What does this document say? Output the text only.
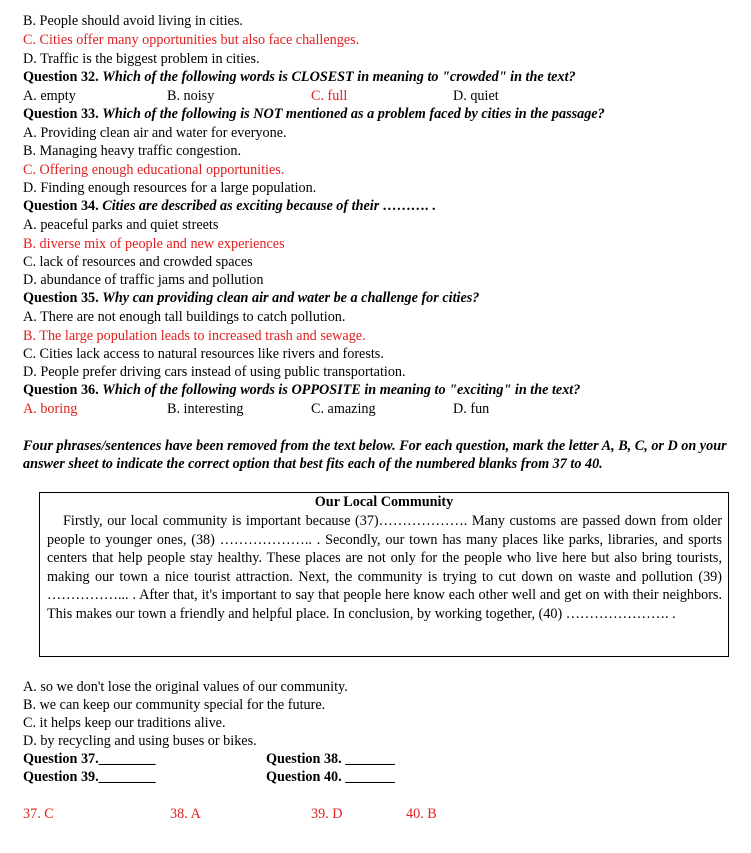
B. People should avoid living in cities.
C. Cities offer many opportunities but also face challenges.
D. Traffic is the biggest problem in cities.
Question 32. Which of the following words is CLOSEST in meaning to "crowded" in the text?
A. empty	B. noisy	C. full	D. quiet
Question 33. Which of the following is NOT mentioned as a problem faced by cities in the passage?
A. Providing clean air and water for everyone.
B. Managing heavy traffic congestion.
C. Offering enough educational opportunities.
D. Finding enough resources for a large population.
Question 34. Cities are described as exciting because of their ………. .
A. peaceful parks and quiet streets
B. diverse mix of people and new experiences
C. lack of resources and crowded spaces
D. abundance of traffic jams and pollution
Question 35. Why can providing clean air and water be a challenge for cities?
A. There are not enough tall buildings to catch pollution.
B. The large population leads to increased trash and sewage.
C. Cities lack access to natural resources like rivers and forests.
D. People prefer driving cars instead of using public transportation.
Question 36. Which of the following words is OPPOSITE in meaning to "exciting" in the text?
A. boring	B. interesting	C. amazing	D. fun
Four phrases/sentences have been removed from the text below. For each question, mark the letter A, B, C, or D on your answer sheet to indicate the correct option that best fits each of the numbered blanks from 37 to 40.
Our Local Community
Firstly, our local community is important because (37)………………. Many customs are passed down from older people to younger ones, (38) ……………….. . Secondly, our town has many places like parks, libraries, and sports centers that help people stay healthy. These places are not only for the people who live here but also bring tourists, making our town a nice tourist attraction. Next, the community is trying to cut down on waste and pollution (39) ……………... . After that, it's important to say that people here know each other well and get on with their neighbors. This makes our town a friendly and helpful place. In conclusion, by working together, (40) …………………. .
A. so we don't lose the original values of our community.
B. we can keep our community special for the future.
C. it helps keep our traditions alive.
D. by recycling and using buses or bikes.
Question 37.________	Question 38. _______
Question 39.________	Question 40. _______
37. C	38. A	39. D	40. B
